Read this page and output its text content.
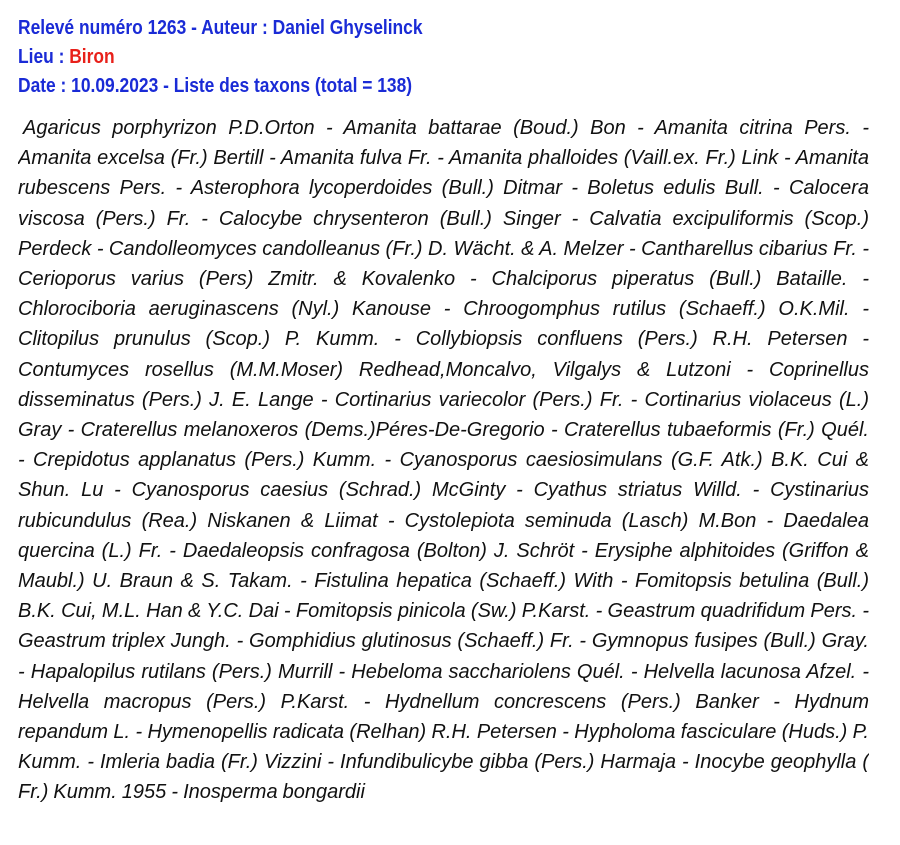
Relevé numéro 1263 - Auteur : Daniel Ghyselinck
Lieu : Biron
Date : 10.09.2023 - Liste des taxons (total = 138)
Agaricus porphyrizon P.D.Orton - Amanita battarae (Boud.) Bon - Amanita citrina Pers. - Amanita excelsa (Fr.) Bertill - Amanita fulva Fr. - Amanita phalloides (Vaill.ex. Fr.) Link - Amanita rubescens Pers. - Asterophora lycoperdoides (Bull.) Ditmar - Boletus edulis Bull. - Calocera viscosa (Pers.) Fr. - Calocybe chrysenteron (Bull.) Singer - Calvatia excipuliformis (Scop.) Perdeck - Candolleomyces candolleanus (Fr.) D. Wächt. & A. Melzer - Cantharellus cibarius Fr. - Cerioporus varius (Pers) Zmitr. & Kovalenko - Chalciporus piperatus (Bull.) Bataille. - Chlorociboria aeruginascens (Nyl.) Kanouse - Chroogomphus rutilus (Schaeff.) O.K.Mil. - Clitopilus prunulus (Scop.) P. Kumm. - Collybiopsis confluens (Pers.) R.H. Petersen - Contumyces rosellus (M.M.Moser) Redhead,Moncalvo, Vilgalys & Lutzoni - Coprinellus disseminatus (Pers.) J. E. Lange - Cortinarius variecolor (Pers.) Fr. - Cortinarius violaceus (L.) Gray - Craterellus melanoxeros (Dems.)Péres-De-Gregorio - Craterellus tubaeformis (Fr.) Quél. - Crepidotus applanatus (Pers.) Kumm. - Cyanosporus caesiosimulans (G.F. Atk.) B.K. Cui & Shun. Lu - Cyanosporus caesius (Schrad.) McGinty - Cyathus striatus Willd. - Cystinarius rubicundulus (Rea.) Niskanen & Liimat - Cystolepiota seminuda (Lasch) M.Bon - Daedalea quercina (L.) Fr. - Daedaleopsis confragosa (Bolton) J. Schröt - Erysiphe alphitoides (Griffon & Maubl.) U. Braun & S. Takam. - Fistulina hepatica (Schaeff.) With - Fomitopsis betulina (Bull.) B.K. Cui, M.L. Han & Y.C. Dai - Fomitopsis pinicola (Sw.) P.Karst. - Geastrum quadrifidum Pers. - Geastrum triplex Jungh. - Gomphidius glutinosus (Schaeff.) Fr. - Gymnopus fusipes (Bull.) Gray. - Hapalopilus rutilans (Pers.) Murrill - Hebeloma sacchariolens Quél. - Helvella lacunosa Afzel. - Helvella macropus (Pers.) P.Karst. - Hydnellum concrescens (Pers.) Banker - Hydnum repandum L. - Hymenopellis radicata (Relhan) R.H. Petersen - Hypholoma fasciculare (Huds.) P. Kumm. - Imleria badia (Fr.) Vizzini - Infundibulicybe gibba (Pers.) Harmaja - Inocybe geophylla ( Fr.) Kumm. 1955 - Inosperma bongardii
